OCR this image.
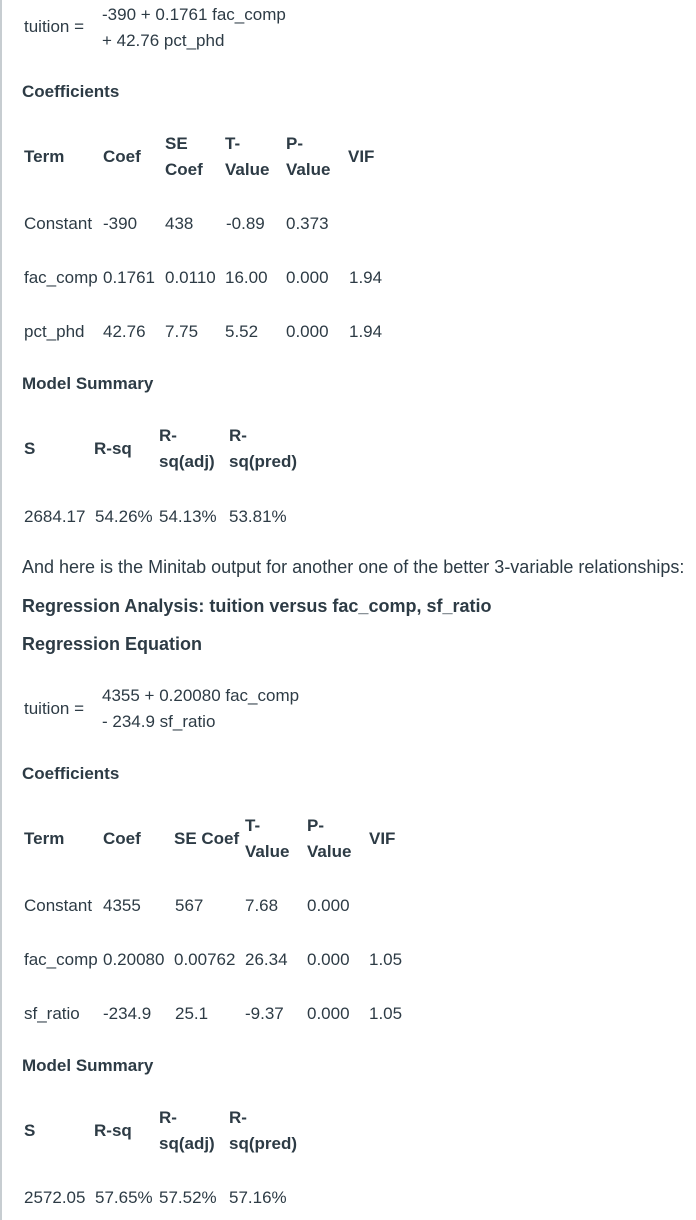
tuition =
-390 + 0.1761 fac_comp
+ 42.76 pct_phd
Coefficients
Term Coef
SE
Coef
T-
Value
P-
Value
VIF
Constant -390 438 -0.89 0.373
fac_comp 0.1761 0.0110 16.00 0.000 1.94
pct_phd 42.76 7.75 5.52 0.000 1.94
Model Summary
S	R-sq
R-
sq(adj)
R-
sq(pred)
2684.17 54.26% 54.13% 53.81%
And here is the Minitab output for another one of the better 3-variable relationships:
Regression Analysis: tuition versus fac_comp, sf_ratio
Regression Equation
tuition =
4355 + 0.20080 fac_comp
- 234.9 sf_ratio
Coefficients
Term Coef SE Coef
T-
Value
P-
Value
VIF
Constant 4355 567 7.68 0.000
fac_comp 0.20080 0.00762 26.34 0.000 1.05
sf_ratio -234.9 25.1 -9.37 0.000 1.05
Model Summary
S	R-sq
R-
sq(adj)
R-
sq(pred)
2572.05 57.65% 57.52% 57.16%
